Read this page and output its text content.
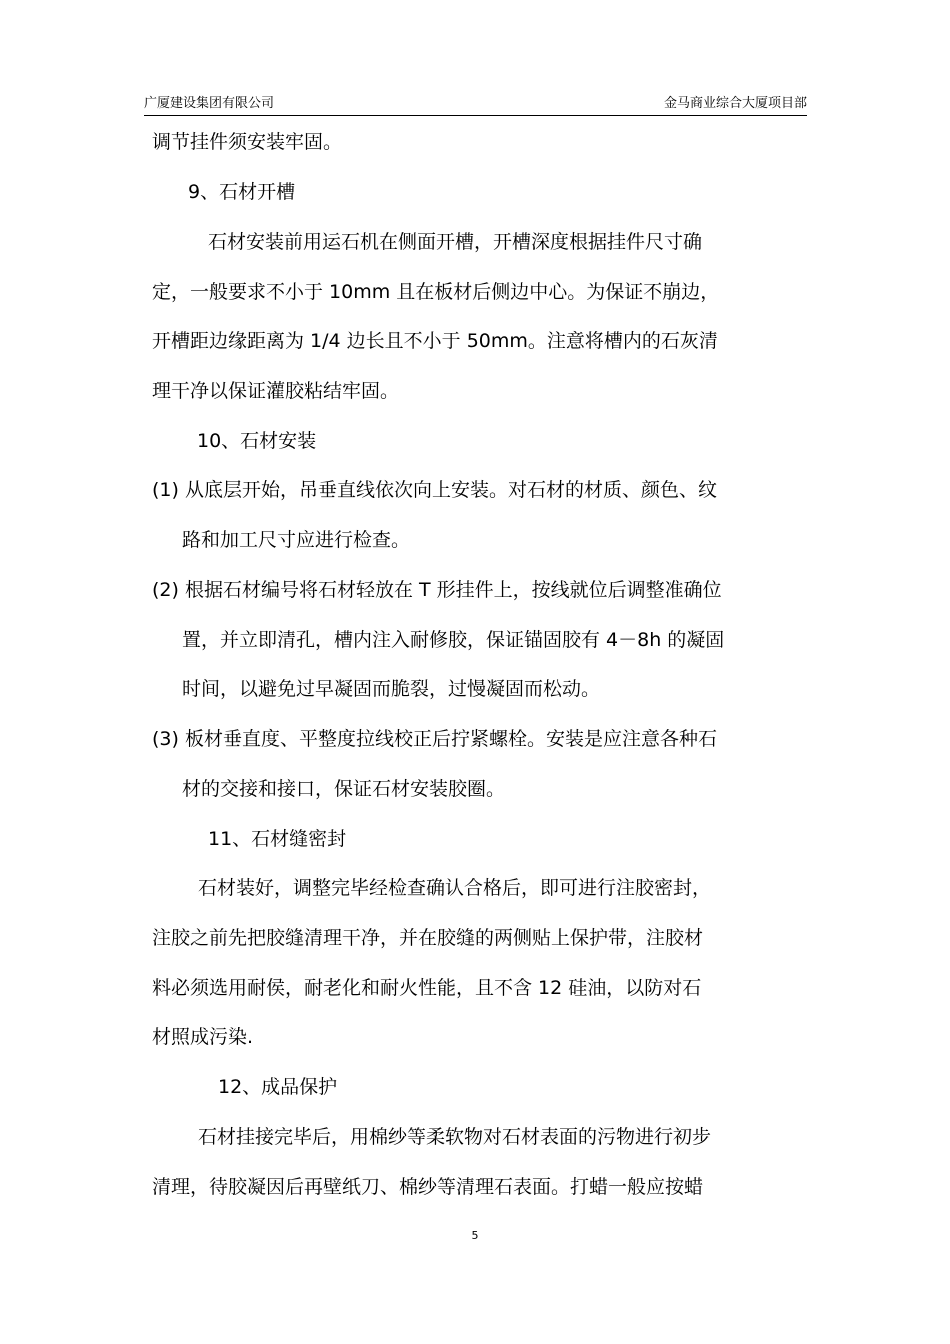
广厦建设集团有限公司	金马商业综合大厦项目部
调节挂件须安装牢固。
9、石材开槽
石材安装前用运石机在侧面开槽，开槽深度根据挂件尺寸确
定，一般要求不小于 10mm 且在板材后侧边中心。为保证不崩边，
开槽距边缘距离为 1/4 边长且不小于 50mm。注意将槽内的石灰清
理干净以保证灌胶粘结牢固。
10、石材安装
(1) 从底层开始，吊垂直线依次向上安装。对石材的材质、颜色、纹
路和加工尺寸应进行检查。
(2) 根据石材编号将石材轻放在 T 形挂件上，按线就位后调整准确位
置，并立即清孔，槽内注入耐修胶，保证锚固胶有 4－8h 的凝固
时间，以避免过早凝固而脆裂，过慢凝固而松动。
(3) 板材垂直度、平整度拉线校正后拧紧螺栓。安装是应注意各种石
材的交接和接口，保证石材安装胶圈。
11、石材缝密封
石材装好，调整完毕经检查确认合格后，即可进行注胶密封，
注胶之前先把胶缝清理干净，并在胶缝的两侧贴上保护带，注胶材
料必须选用耐侯，耐老化和耐火性能，且不含 12 硅油，以防对石
材照成污染.
12、成品保护
石材挂接完毕后，用棉纱等柔软物对石材表面的污物进行初步
清理，待胶凝因后再壁纸刀、棉纱等清理石表面。打蜡一般应按蜡
5
